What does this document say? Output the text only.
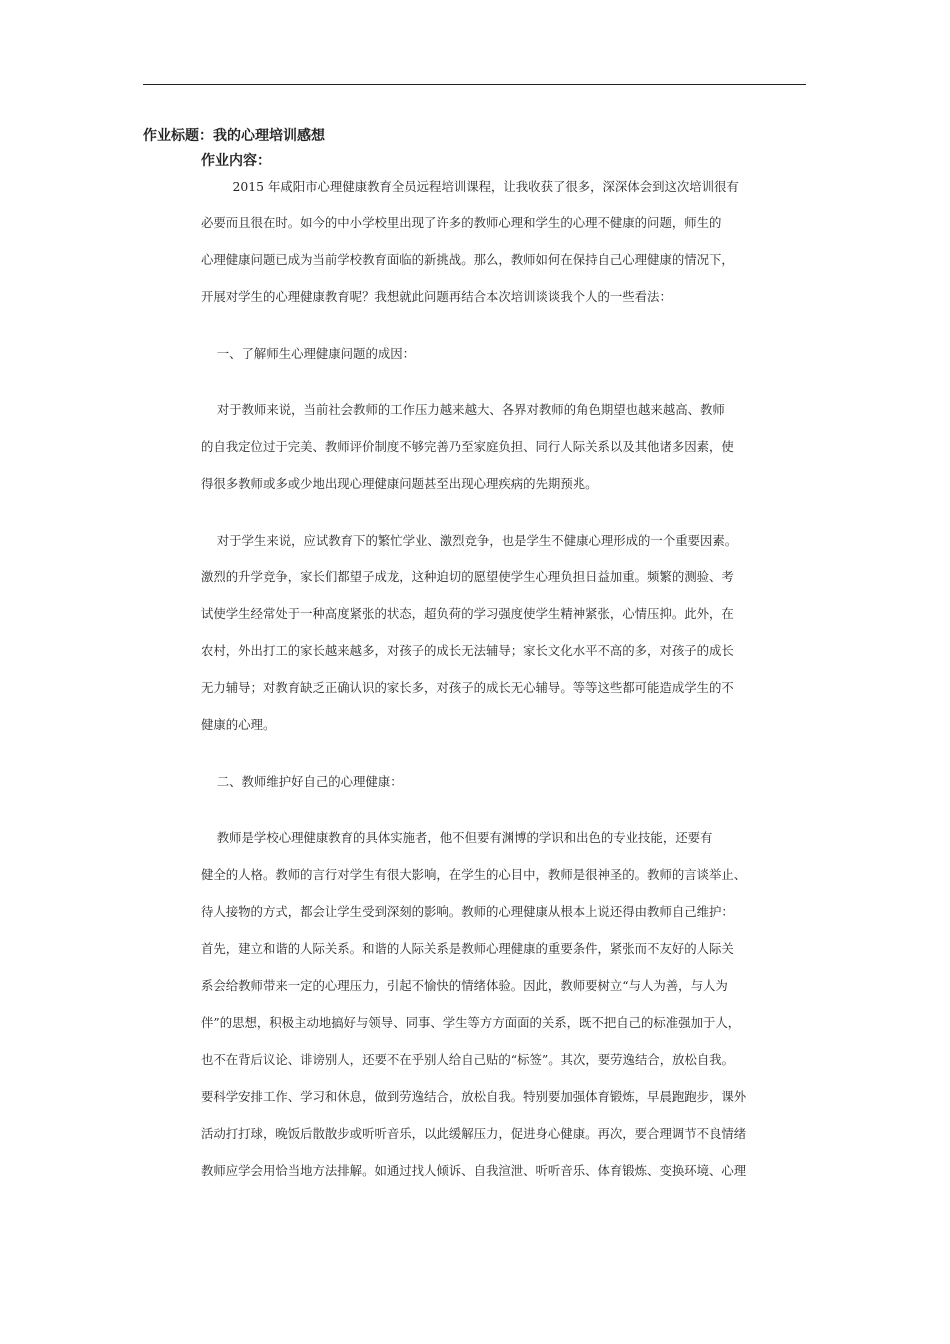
作业标题：我的心理培训感想
作业内容：
2015 年咸阳市心理健康教育全员远程培训课程，让我收获了很多，深深体会到这次培训很有
必要而且很在时。如今的中小学校里出现了许多的教师心理和学生的心理不健康的问题，师生的
心理健康问题已成为当前学校教育面临的新挑战。那么，教师如何在保持自己心理健康的情况下，
开展对学生的心理健康教育呢？我想就此问题再结合本次培训谈谈我个人的一些看法：
一、了解师生心理健康问题的成因：
对于教师来说，当前社会教师的工作压力越来越大、各界对教师的角色期望也越来越高、教师
的自我定位过于完美、教师评价制度不够完善乃至家庭负担、同行人际关系以及其他诸多因素，使
得很多教师或多或少地出现心理健康问题甚至出现心理疾病的先期预兆。
对于学生来说，应试教育下的繁忙学业、激烈竞争，也是学生不健康心理形成的一个重要因素。
激烈的升学竞争，家长们都望子成龙，这种迫切的愿望使学生心理负担日益加重。频繁的测验、考
试使学生经常处于一种高度紧张的状态，超负荷的学习强度使学生精神紧张，心情压抑。此外，在
农村，外出打工的家长越来越多，对孩子的成长无法辅导；家长文化水平不高的多，对孩子的成长
无力辅导；对教育缺乏正确认识的家长多，对孩子的成长无心辅导。等等这些都可能造成学生的不
健康的心理。
二、教师维护好自己的心理健康：
教师是学校心理健康教育的具体实施者，他不但要有渊博的学识和出色的专业技能，还要有
健全的人格。教师的言行对学生有很大影响，在学生的心目中，教师是很神圣的。教师的言谈举止、
待人接物的方式，都会让学生受到深刻的影响。教师的心理健康从根本上说还得由教师自己维护：
首先，建立和谐的人际关系。和谐的人际关系是教师心理健康的重要条件，紧张而不友好的人际关
系会给教师带来一定的心理压力，引起不愉快的情绪体验。因此，教师要树立“与人为善，与人为
伴”的思想，积极主动地搞好与领导、同事、学生等方方面面的关系，既不把自己的标准强加于人，
也不在背后议论、诽谤别人，还要不在乎别人给自己贴的“标签”。其次，要劳逸结合，放松自我。
要科学安排工作、学习和休息，做到劳逸结合，放松自我。特别要加强体育锻炼，早晨跑跑步，课外
活动打打球，晚饭后散散步或听听音乐，以此缓解压力，促进身心健康。再次，要合理调节不良情绪
教师应学会用恰当地方法排解。如通过找人倾诉、自我渲泄、听听音乐、体育锻炼、变换环境、心理
